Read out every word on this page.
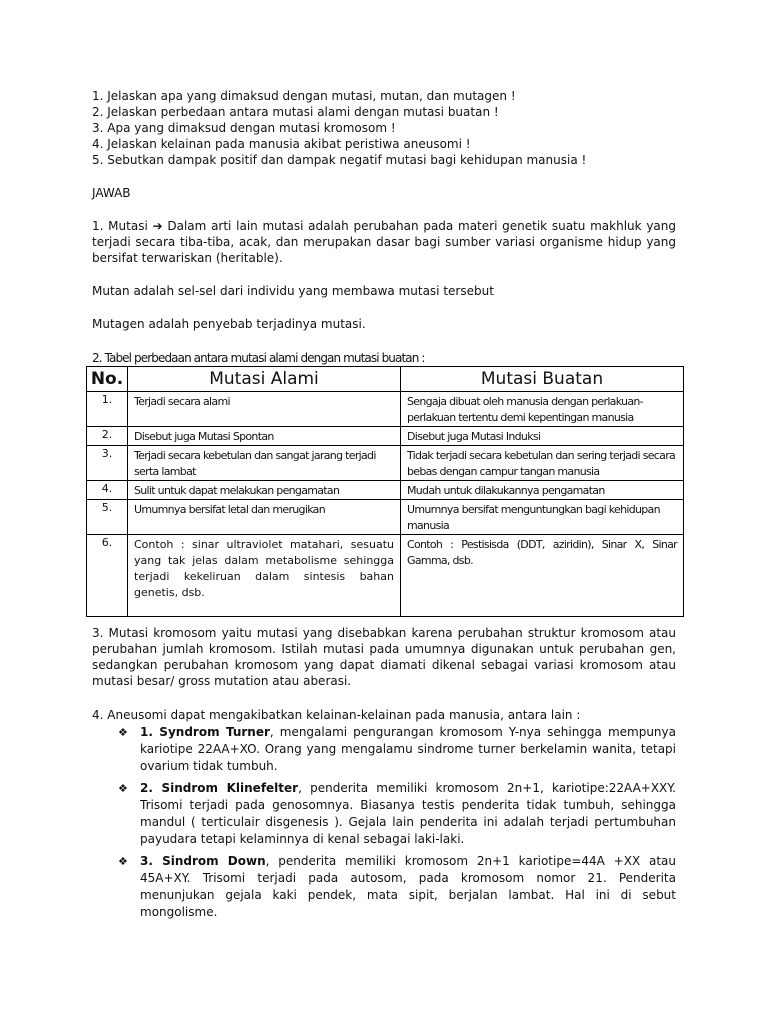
1. Jelaskan apa yang dimaksud dengan mutasi, mutan, dan mutagen !
2. Jelaskan perbedaan antara mutasi alami dengan mutasi buatan !
3. Apa yang dimaksud dengan mutasi kromosom !
4. Jelaskan kelainan pada manusia akibat peristiwa aneusomi !
5. Sebutkan dampak positif dan dampak negatif mutasi bagi kehidupan manusia !
JAWAB
1. Mutasi ➔ Dalam arti lain mutasi adalah perubahan pada materi genetik suatu makhluk yang terjadi secara tiba-tiba, acak, dan merupakan dasar bagi sumber variasi organisme hidup yang bersifat terwariskan (heritable).
Mutan adalah sel-sel dari individu yang membawa mutasi tersebut
Mutagen adalah penyebab terjadinya mutasi.
2. Tabel perbedaan antara mutasi alami dengan mutasi buatan :
No.	Mutasi Alami	Mutasi Buatan
1.	Terjadi secara alami	Sengaja dibuat oleh manusia dengan perlakuan-perlakuan tertentu demi kepentingan manusia
2.	Disebut juga Mutasi Spontan	Disebut juga Mutasi Induksi
3.	Terjadi secara kebetulan dan sangat jarang terjadi serta lambat	Tidak terjadi secara kebetulan dan sering terjadi secara bebas dengan campur tangan manusia
4.	Sulit untuk dapat melakukan pengamatan	Mudah untuk dilakukannya pengamatan
5.	Umumnya bersifat letal dan merugikan	Umumnya bersifat menguntungkan bagi kehidupan manusia
6.	Contoh : sinar ultraviolet matahari, sesuatu yang tak jelas dalam metabolisme sehingga terjadi kekeliruan dalam sintesis bahan genetis, dsb.	Contoh : Pestisisda (DDT, aziridin), Sinar X, Sinar Gamma, dsb.
3. Mutasi kromosom yaitu mutasi yang disebabkan karena perubahan struktur kromosom atau perubahan jumlah kromosom. Istilah mutasi pada umumnya digunakan untuk perubahan gen, sedangkan perubahan kromosom yang dapat diamati dikenal sebagai variasi kromosom atau mutasi besar/ gross mutation atau aberasi.
4. Aneusomi dapat mengakibatkan kelainan-kelainan pada manusia, antara lain :
❖ 1. Syndrom Turner, mengalami pengurangan kromosom Y-nya sehingga mempunya kariotipe 22AA+XO. Orang yang mengalamu sindrome turner berkelamin wanita, tetapi ovarium tidak tumbuh.
❖ 2. Sindrom Klinefelter, penderita memiliki kromosom 2n+1, kariotipe:22AA+XXY. Trisomi terjadi pada genosomnya. Biasanya testis penderita tidak tumbuh, sehingga mandul ( terticulair disgenesis ). Gejala lain penderita ini adalah terjadi pertumbuhan payudara tetapi kelaminnya di kenal sebagai laki-laki.
❖ 3. Sindrom Down, penderita memiliki kromosom 2n+1 kariotipe=44A +XX atau 45A+XY. Trisomi terjadi pada autosom, pada kromosom nomor 21. Penderita menunjukan gejala kaki pendek, mata sipit, berjalan lambat. Hal ini di sebut mongolisme.
